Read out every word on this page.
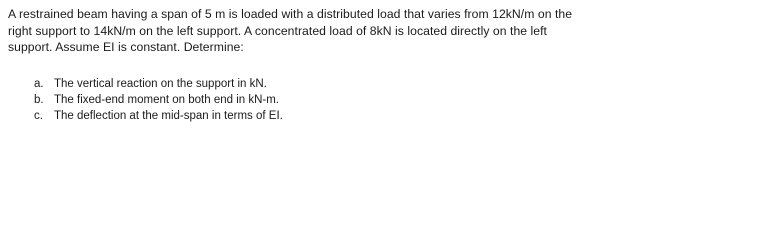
A restrained beam having a span of 5 m is loaded with a distributed load that varies from 12kN/m on the
right support to 14kN/m on the left support. A concentrated load of 8kN is located directly on the left
support. Assume EI is constant. Determine:

a. The vertical reaction on the support in kN.
b. The fixed-end moment on both end in kN-m.
c. The deflection at the mid-span in terms of EI.
